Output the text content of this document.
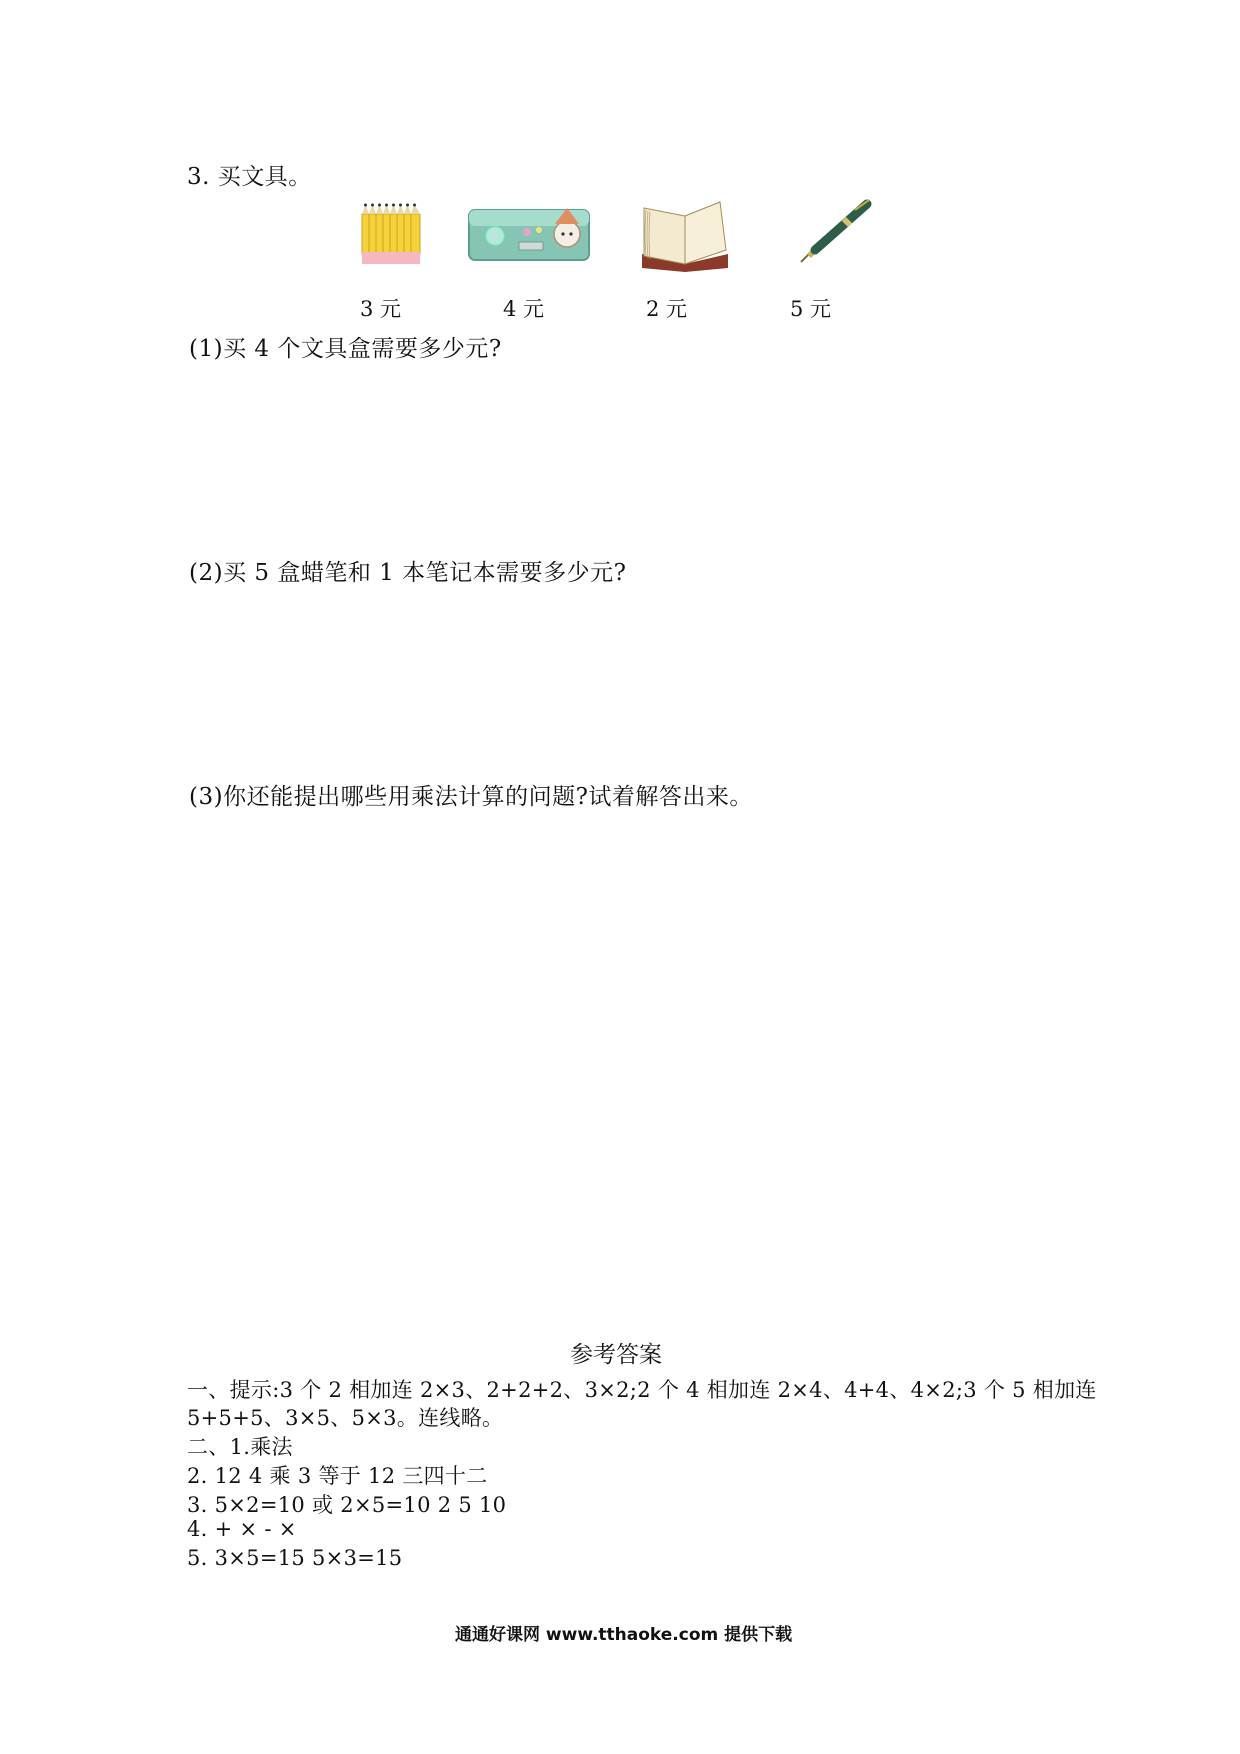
3. 买文具。
3 元	4 元	2 元	5 元
(1)买 4 个文具盒需要多少元?
(2)买 5 盒蜡笔和 1 本笔记本需要多少元?
(3)你还能提出哪些用乘法计算的问题?试着解答出来。
参考答案
一、提示:3 个 2 相加连 2×3、2+2+2、3×2;2 个 4 相加连 2×4、4+4、4×2;3 个 5 相加连
5+5+5、3×5、5×3。连线略。
二、1.乘法
2. 12 4 乘 3 等于 12 三四十二
3. 5×2=10 或 2×5=10 2 5 10
4. + × - ×
5. 3×5=15 5×3=15
通通好课网 www.tthaoke.com 提供下载
